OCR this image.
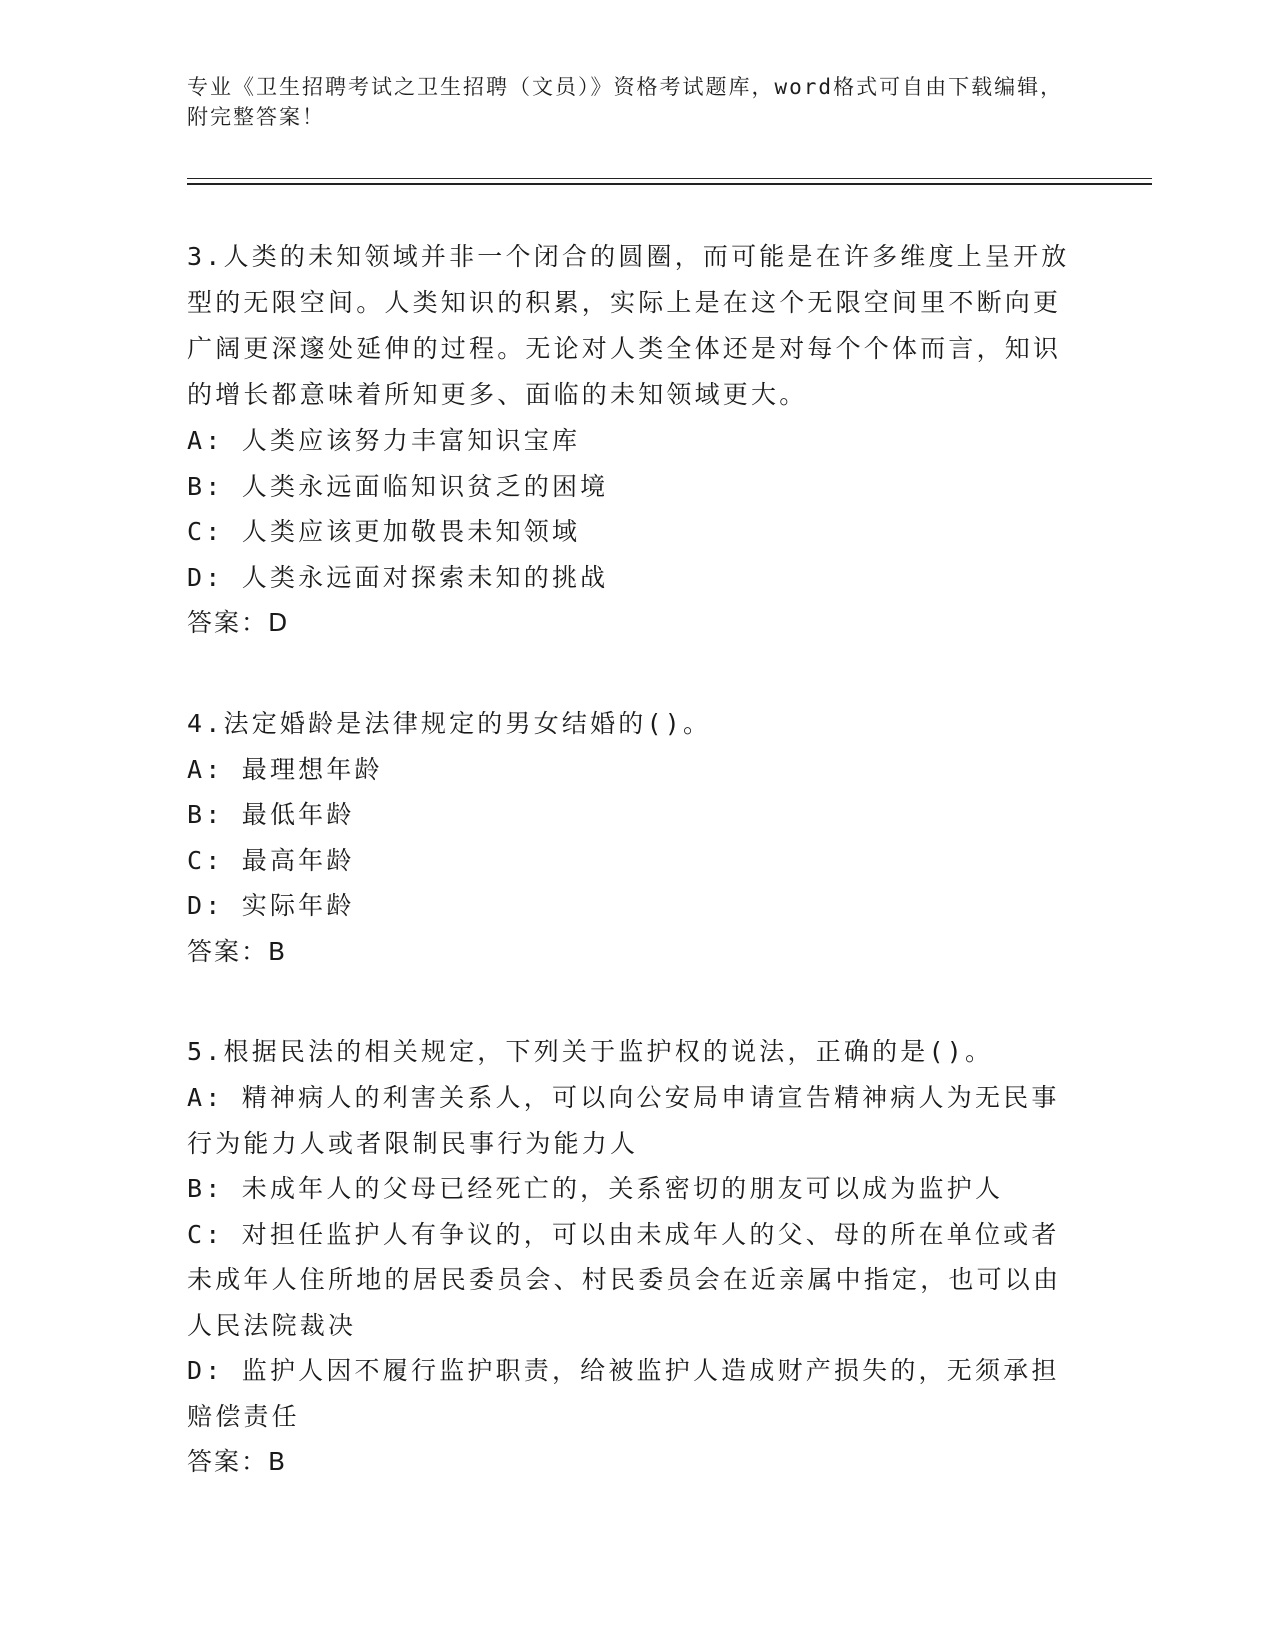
专业《卫生招聘考试之卫生招聘（文员）》资格考试题库，word格式可自由下载编辑，附完整答案！

3.人类的未知领域并非一个闭合的圆圈，而可能是在许多维度上呈开放型的无限空间。人类知识的积累，实际上是在这个无限空间里不断向更广阔更深邃处延伸的过程。无论对人类全体还是对每个个体而言，知识的增长都意味着所知更多、面临的未知领域更大。

A: 人类应该努力丰富知识宝库

B: 人类永远面临知识贫乏的困境

C: 人类应该更加敬畏未知领域

D: 人类永远面对探索未知的挑战

答案：D

4.法定婚龄是法律规定的男女结婚的()。

A: 最理想年龄

B: 最低年龄

C: 最高年龄

D: 实际年龄

答案：B

5.根据民法的相关规定，下列关于监护权的说法，正确的是()。

A: 精神病人的利害关系人，可以向公安局申请宣告精神病人为无民事行为能力人或者限制民事行为能力人

B: 未成年人的父母已经死亡的，关系密切的朋友可以成为监护人

C: 对担任监护人有争议的，可以由未成年人的父、母的所在单位或者未成年人住所地的居民委员会、村民委员会在近亲属中指定，也可以由人民法院裁决

D: 监护人因不履行监护职责，给被监护人造成财产损失的，无须承担赔偿责任

答案：B
